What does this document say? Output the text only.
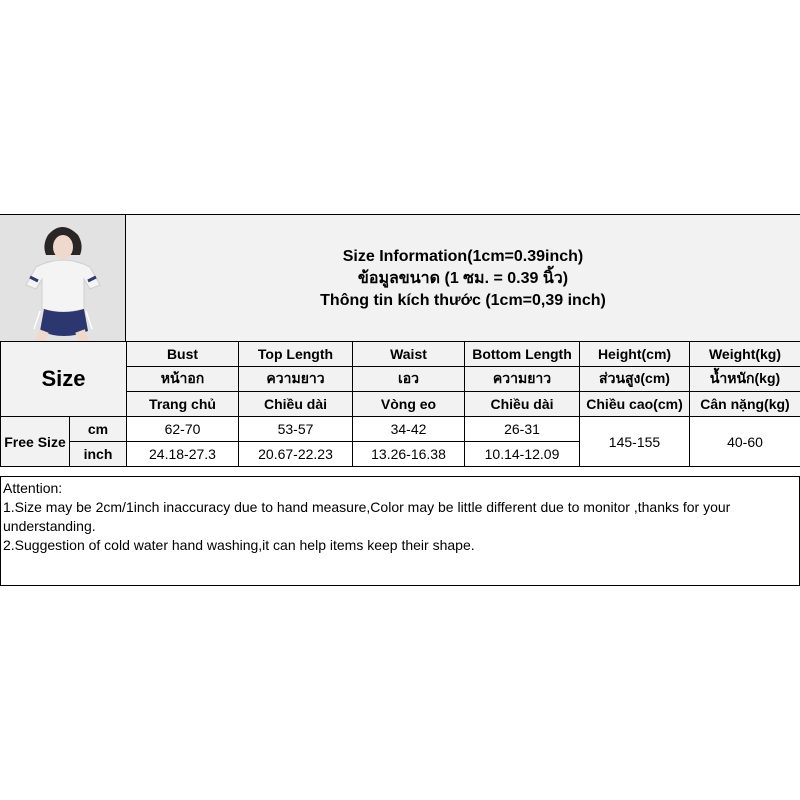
Size Information(1cm=0.39inch)
ข้อมูลขนาด (1 ซม. = 0.39 นิ้ว)
Thông tin kích thước (1cm=0,39 inch)
Size		Bust	Top Length	Waist	Bottom Length	Height(cm)	Weight(kg)
		หน้าอก	ความยาว	เอว	ความยาว	ส่วนสูง(cm)	น้ำหนัก(kg)
		Trang chủ	Chiều dài	Vòng eo	Chiều dài	Chiều cao(cm)	Cân nặng(kg)
Free Size	cm	62-70	53-57	34-42	26-31	145-155	40-60
	inch	24.18-27.3	20.67-22.23	13.26-16.38	10.14-12.09		
Attention:
1.Size may be 2cm/1inch inaccuracy due to hand measure,Color may be little different due to monitor ,thanks for your understanding.
2.Suggestion of cold water hand washing,it can help items keep their shape.
